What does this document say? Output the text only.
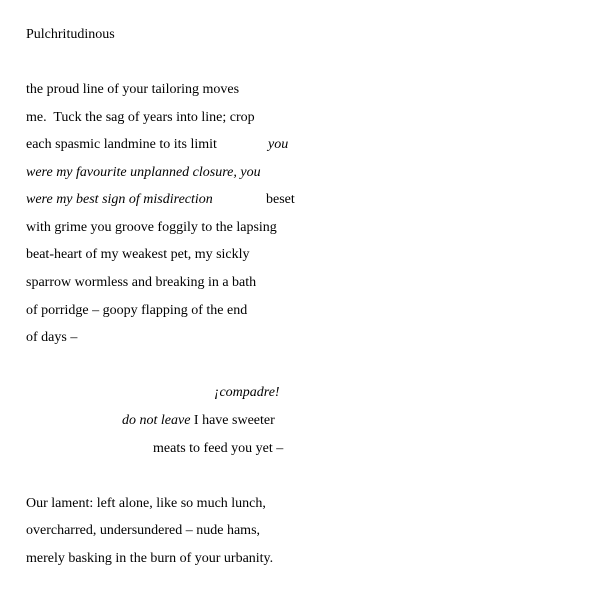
Pulchritudinous
the proud line of your tailoring moves
me.  Tuck the sag of years into line; crop
each spasmic landmine to its limit	you
were my favourite unplanned closure, you
were my best sign of misdirection	beset
with grime you groove foggily to the lapsing
beat-heart of my weakest pet, my sickly
sparrow wormless and breaking in a bath
of porridge – goopy flapping of the end
of days –
¡compadre!
do not leave I have sweeter
meats to feed you yet –
Our lament: left alone, like so much lunch,
overcharred, undersundered – nude hams,
merely basking in the burn of your urbanity.
